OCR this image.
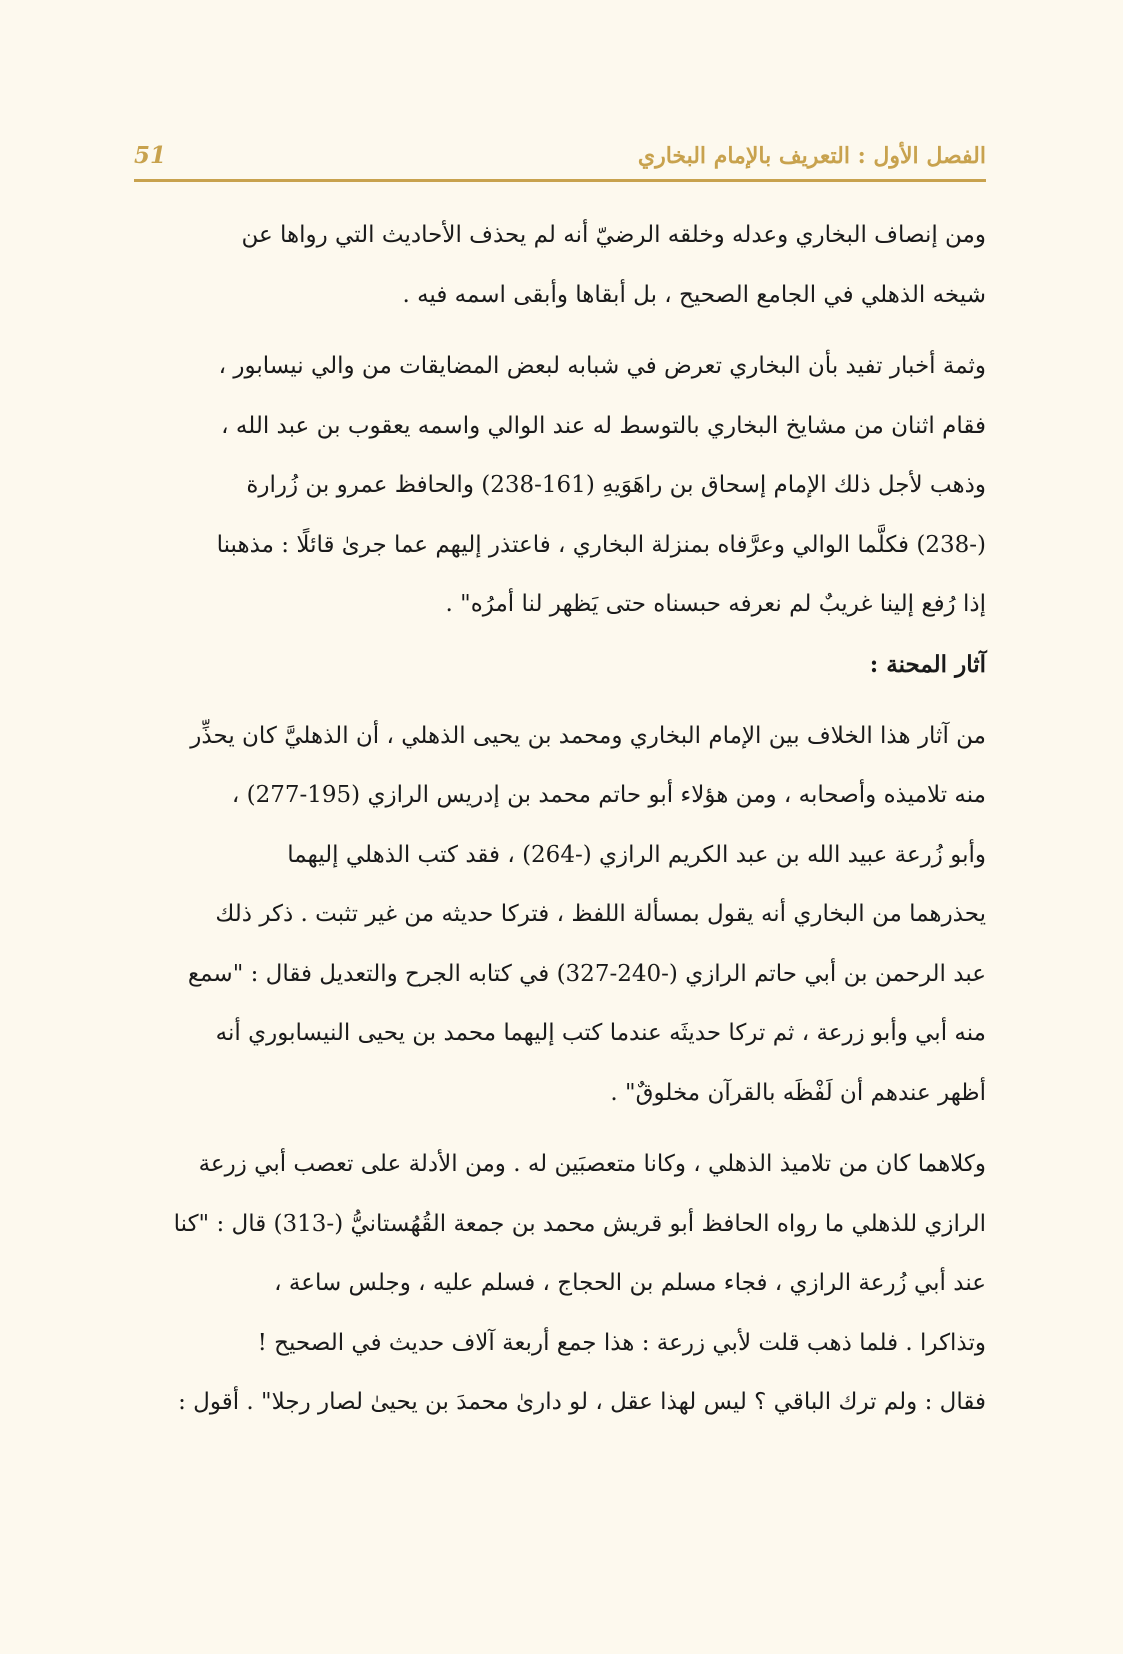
الفصل الأول : التعريف بالإمام البخاري
51

ومن إنصاف البخاري وعدله وخلقه الرضيّ أنه لم يحذف الأحاديث التي رواها عن
شيخه الذهلي في الجامع الصحيح ، بل أبقاها وأبقى اسمه فيه .

وثمة أخبار تفيد بأن البخاري تعرض في شبابه لبعض المضايقات من والي نيسابور ،
فقام اثنان من مشايخ البخاري بالتوسط له عند الوالي واسمه يعقوب بن عبد الله ،
وذهب لأجل ذلك الإمام إسحاق بن راهَوَيهِ (161-238) والحافظ عمرو بن زُرارة
(-238) فكلَّما الوالي وعرَّفاه بمنزلة البخاري ، فاعتذر إليهم عما جرىٰ قائلًا : مذهبنا
إذا رُفع إلينا غريبٌ لم نعرفه حبسناه حتى يَظهر لنا أمرُه" .

آثار المحنة :

من آثار هذا الخلاف بين الإمام البخاري ومحمد بن يحيى الذهلي ، أن الذهليَّ كان يحذِّر
منه تلاميذه وأصحابه ، ومن هؤلاء أبو حاتم محمد بن إدريس الرازي (195-277) ،
وأبو زُرعة عبيد الله بن عبد الكريم الرازي (-264) ، فقد كتب الذهلي إليهما
يحذرهما من البخاري أنه يقول بمسألة اللفظ ، فتركا حديثه من غير تثبت . ذكر ذلك
عبد الرحمن بن أبي حاتم الرازي (-240-327) في كتابه الجرح والتعديل فقال : "سمع
منه أبي وأبو زرعة ، ثم تركا حديثَه عندما كتب إليهما محمد بن يحيى النيسابوري أنه
أظهر عندهم أن لَفْظَه بالقرآن مخلوقٌ" .

وكلاهما كان من تلاميذ الذهلي ، وكانا متعصبَين له . ومن الأدلة على تعصب أبي زرعة
الرازي للذهلي ما رواه الحافظ أبو قريش محمد بن جمعة القُهُستانيُّ (-313) قال : "كنا
عند أبي زُرعة الرازي ، فجاء مسلم بن الحجاج ، فسلم عليه ، وجلس ساعة ،
وتذاكرا . فلما ذهب قلت لأبي زرعة : هذا جمع أربعة آلاف حديث في الصحيح !
فقال : ولم ترك الباقي ؟ ليس لهذا عقل ، لو دارىٰ محمدَ بن يحيىٰ لصار رجلا" . أقول :
